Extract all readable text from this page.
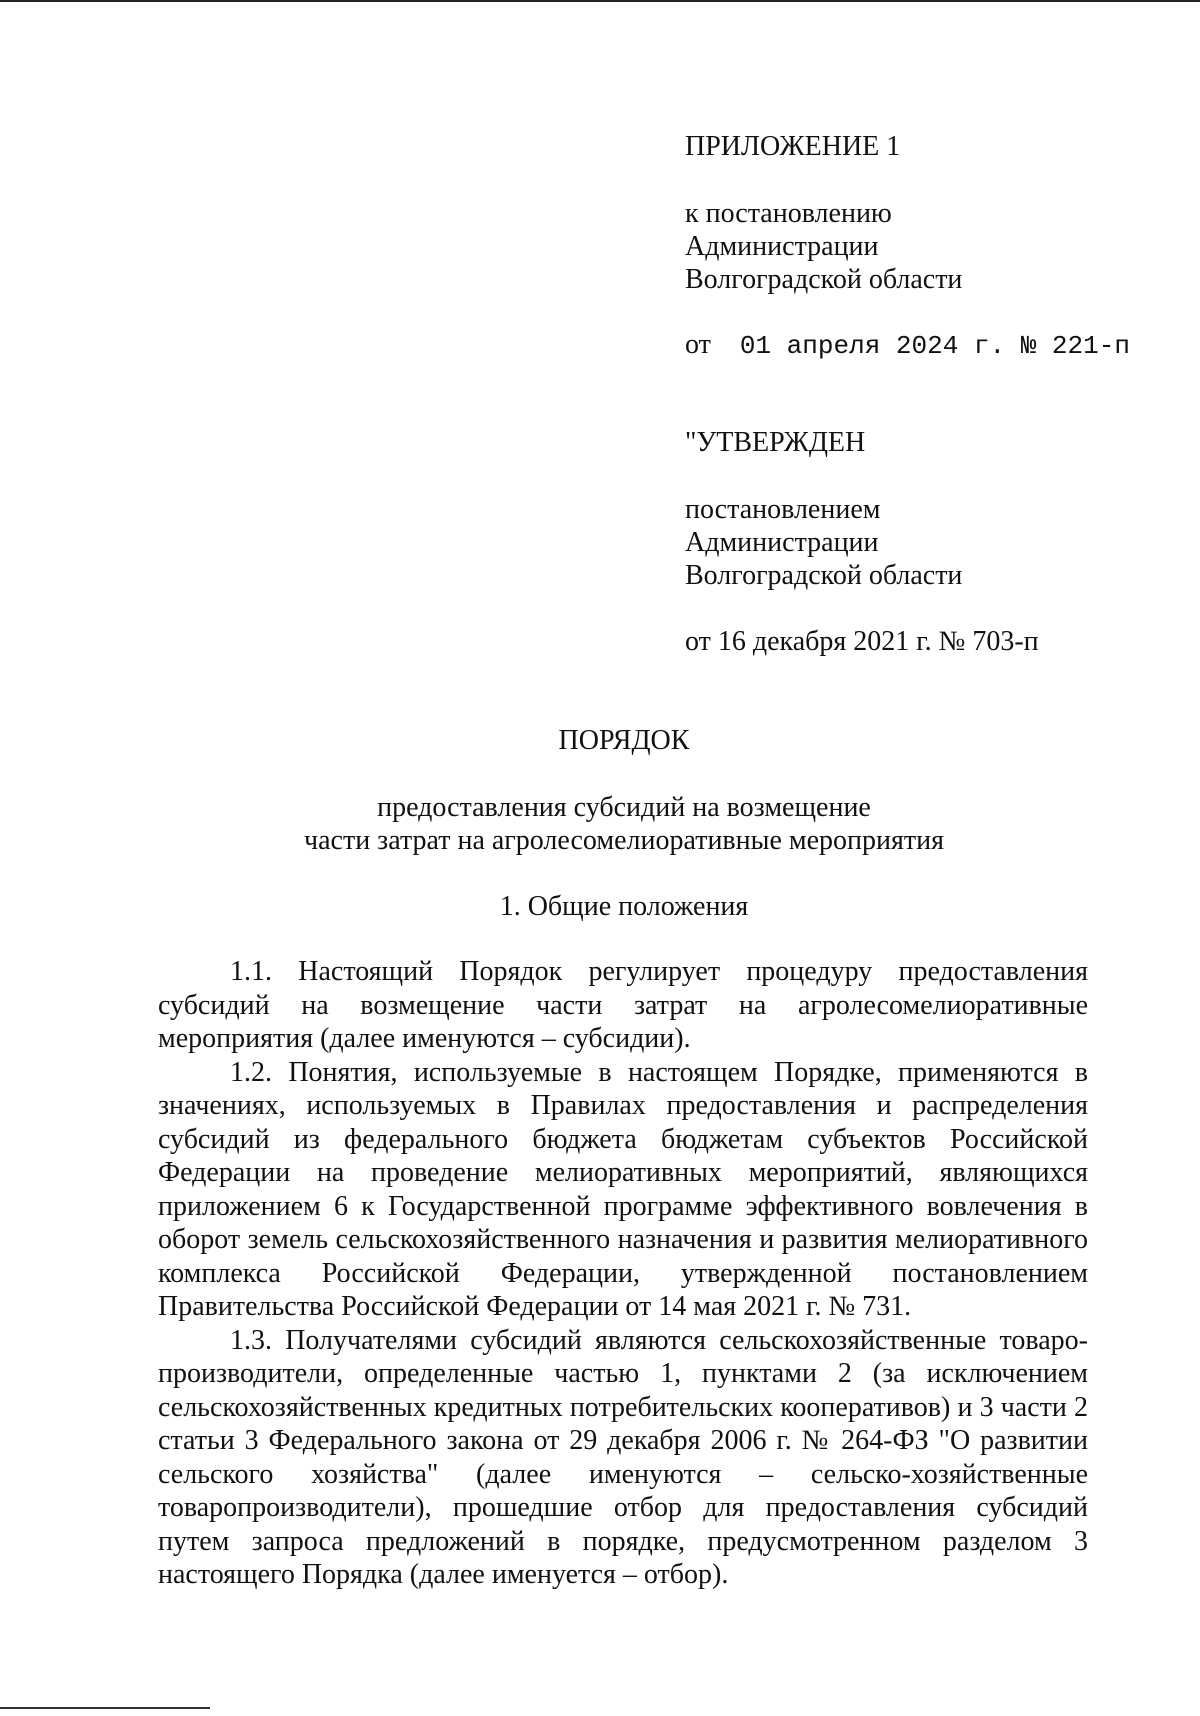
ПРИЛОЖЕНИЕ 1
к постановлению
Администрации
Волгоградской области
от 01 апреля 2024 г. № 221-п
"УТВЕРЖДЕН
постановлением
Администрации
Волгоградской области
от 16 декабря 2021 г. № 703-п
ПОРЯДОК
предоставления субсидий на возмещение
части затрат на агролесомелиоративные мероприятия
1. Общие положения

1.1. Настоящий Порядок регулирует процедуру предоставления субсидий на возмещение части затрат на агролесомелиоративные мероприятия (далее именуются – субсидии).

1.2. Понятия, используемые в настоящем Порядке, применяются в значениях, используемых в Правилах предоставления и распределения субсидий из федерального бюджета бюджетам субъектов Российской Федерации на проведение мелиоративных мероприятий, являющихся приложением 6 к Государственной программе эффективного вовлечения в оборот земель сельскохозяйственного назначения и развития мелиоративного комплекса Российской Федерации, утвержденной постановлением Правительства Российской Федерации от 14 мая 2021 г. № 731.

1.3. Получателями субсидий являются сельскохозяйственные товаро-производители, определенные частью 1, пунктами 2 (за исключением сельскохозяйственных кредитных потребительских кооперативов) и 3 части 2 статьи 3 Федерального закона от 29 декабря 2006 г. № 264-ФЗ "О развитии сельского хозяйства" (далее именуются – сельско-хозяйственные товаропроизводители), прошедшие отбор для предоставления субсидий путем запроса предложений в порядке, предусмотренном разделом 3 настоящего Порядка (далее именуется – отбор).
